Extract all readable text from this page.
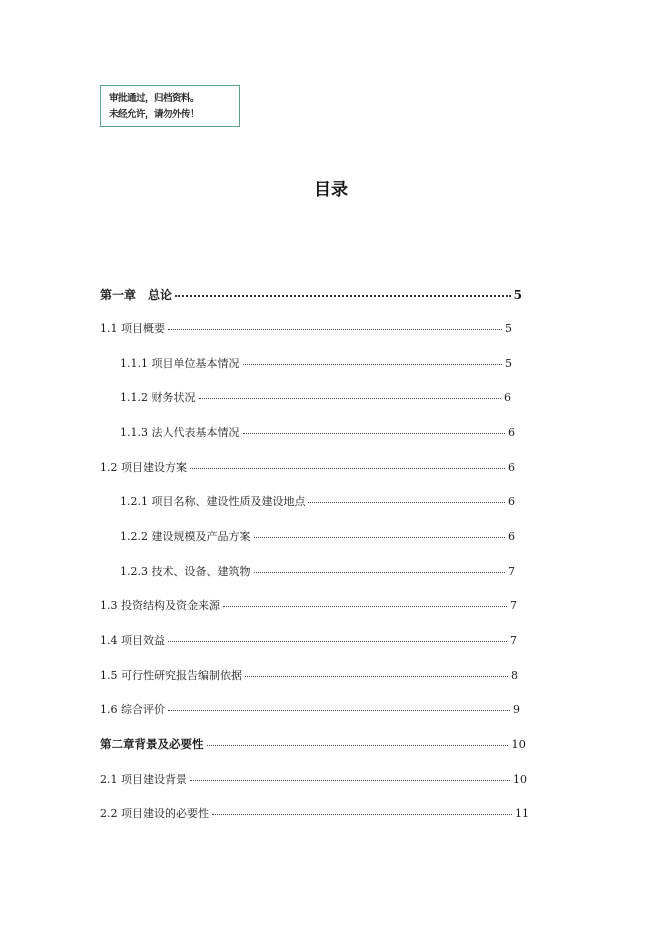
审批通过，归档资料。
未经允许，请勿外传！
目录
第一章　总论	5
1.1 项目概要	5
1.1.1 项目单位基本情况	5
1.1.2 财务状况	6
1.1.3 法人代表基本情况	6
1.2 项目建设方案	6
1.2.1 项目名称、建设性质及建设地点	6
1.2.2 建设规模及产品方案	6
1.2.3 技术、设备、建筑物	7
1.3 投资结构及资金来源	7
1.4 项目效益	7
1.5 可行性研究报告编制依据	8
1.6 综合评价	9
第二章背景及必要性	10
2.1 项目建设背景	10
2.2 项目建设的必要性	11
